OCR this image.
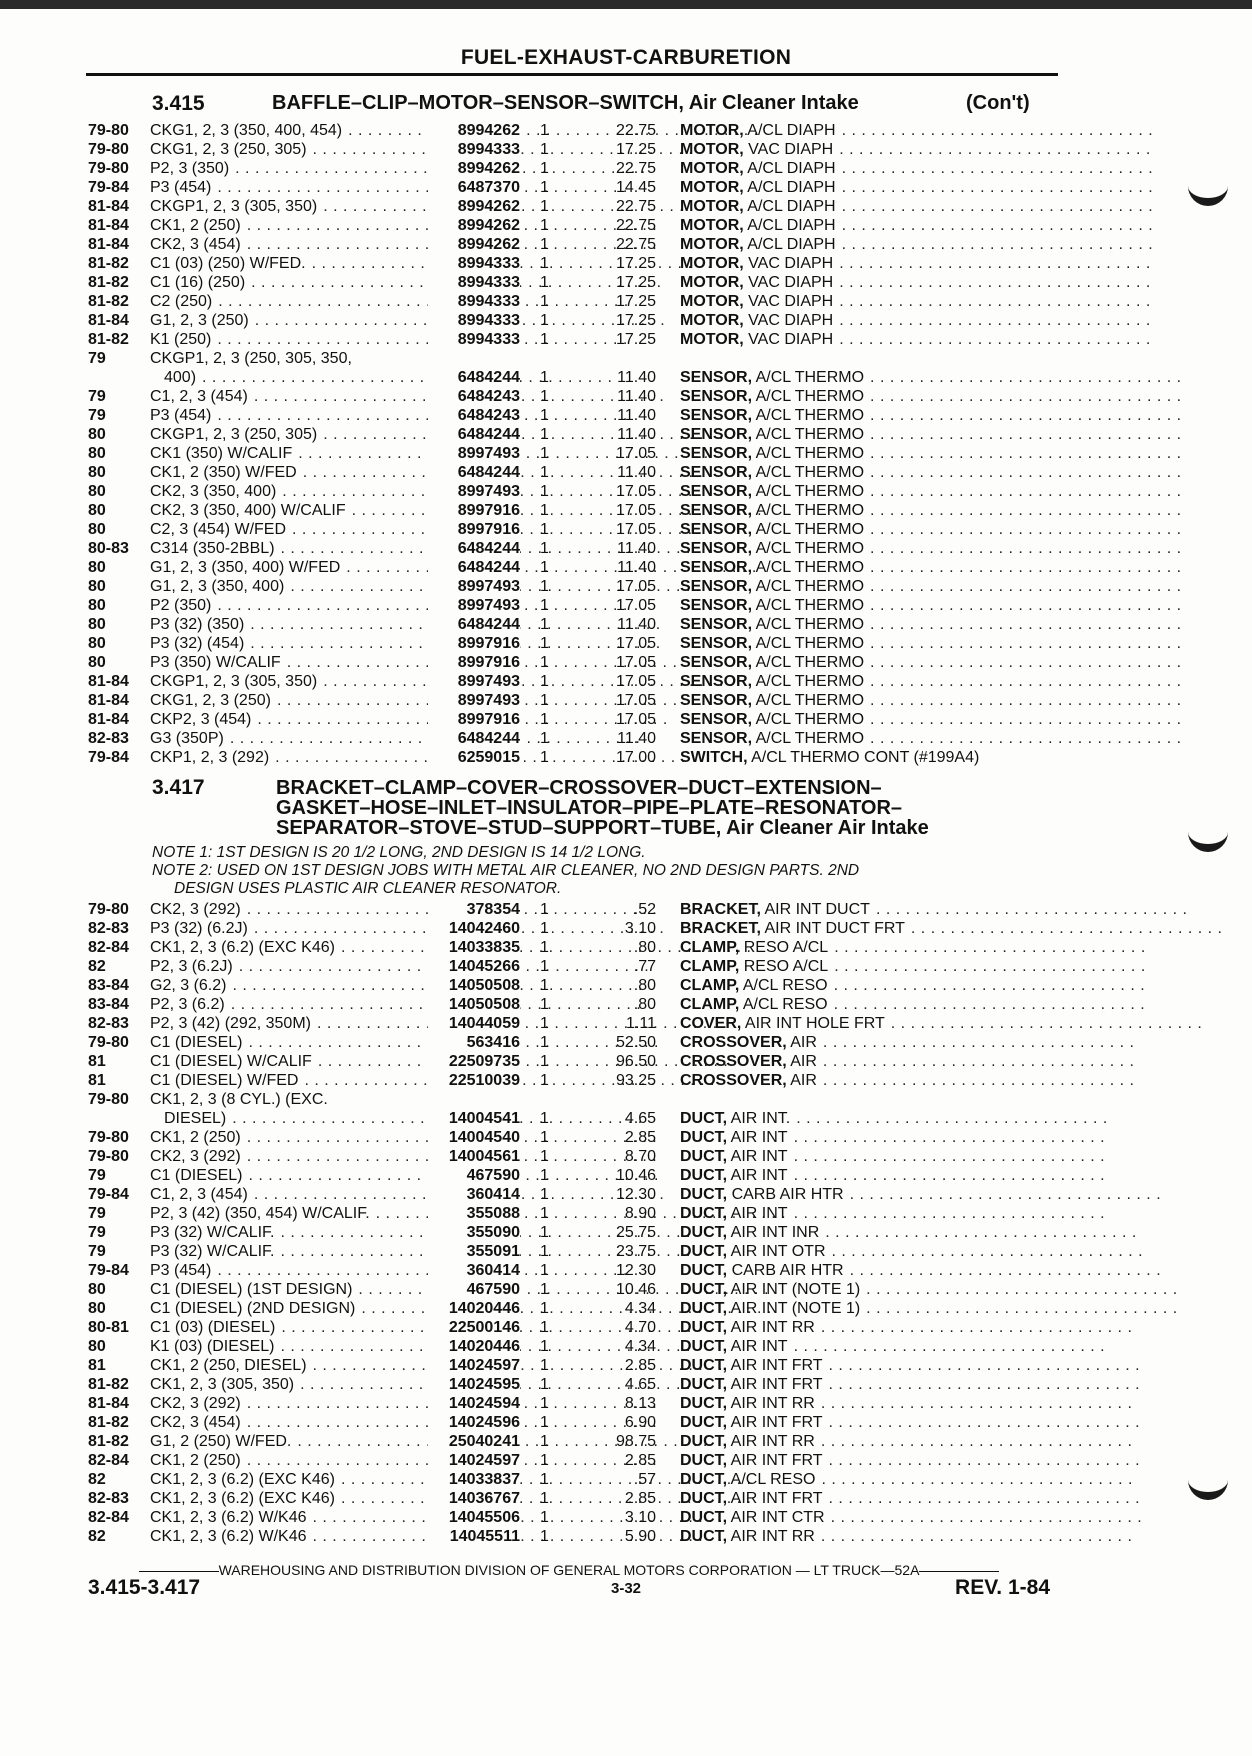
FUEL-EXHAUST-CARBURETION
3.415	BAFFLE–CLIP–MOTOR–SENSOR–SWITCH, Air Cleaner Intake	(Con't)
79-80	CKG1, 2, 3 (350, 400, 454) . . .	8994262 1	22.75 MOTOR, A/CL DIAPH . . . . . . . . . . . . . . . . . . . . . . . . . . . . . . . .
79-80	CKG1, 2, 3 (250, 305) . . .	8994333 1	17.25 MOTOR, VAC DIAPH . . . . . . . . . . . . . . . . . . . . . . . . . . . . . . . .
79-80	P2, 3 (350) . . .	8994262 1	22.75 MOTOR, A/CL DIAPH . . . . . . . . . . . . . . . . . . . . . . . . . . . . . . . .
79-84	P3 (454) . . .	6487370 1	14.45 MOTOR, A/CL DIAPH . . . . . . . . . . . . . . . . . . . . . . . . . . . . . . . .
81-84	CKGP1, 2, 3 (305, 350) . . .	8994262 1	22.75 MOTOR, A/CL DIAPH . . . . . . . . . . . . . . . . . . . . . . . . . . . . . . . .
81-84	CK1, 2 (250) . . .	8994262 1	22.75 MOTOR, A/CL DIAPH . . . . . . . . . . . . . . . . . . . . . . . . . . . . . . . .
81-84	CK2, 3 (454) . . .	8994262 1	22.75 MOTOR, A/CL DIAPH . . . . . . . . . . . . . . . . . . . . . . . . . . . . . . . .
81-82	C1 (03) (250) W/FED. . . .	8994333 1	17.25 MOTOR, VAC DIAPH . . . . . . . . . . . . . . . . . . . . . . . . . . . . . . . .
81-82	C1 (16) (250) . . .	8994333 1	17.25 MOTOR, VAC DIAPH . . . . . . . . . . . . . . . . . . . . . . . . . . . . . . . .
81-82	C2 (250) . . .	8994333 1	17.25 MOTOR, VAC DIAPH . . . . . . . . . . . . . . . . . . . . . . . . . . . . . . . .
81-84	G1, 2, 3 (250) . . .	8994333 1	17.25 MOTOR, VAC DIAPH . . . . . . . . . . . . . . . . . . . . . . . . . . . . . . . .
81-82	K1 (250) . . .	8994333 1	17.25 MOTOR, VAC DIAPH . . . . . . . . . . . . . . . . . . . . . . . . . . . . . . . .
79	CKGP1, 2, 3 (250, 305, 350,
400) . . .	6484244 1	11.40 SENSOR, A/CL THERMO . . . . . . . . . . . . . . . . . . . . . . . . . . . . . . . .
79	C1, 2, 3 (454) . . .	6484243 1	11.40 SENSOR, A/CL THERMO . . . . . . . . . . . . . . . . . . . . . . . . . . . . . . . .
79	P3 (454) . . .	6484243 1	11.40 SENSOR, A/CL THERMO . . . . . . . . . . . . . . . . . . . . . . . . . . . . . . . .
80	CKGP1, 2, 3 (250, 305) . . .	6484244 1	11.40 SENSOR, A/CL THERMO . . . . . . . . . . . . . . . . . . . . . . . . . . . . . . . .
80	CK1 (350) W/CALIF . . .	8997493 1	17.05 SENSOR, A/CL THERMO . . . . . . . . . . . . . . . . . . . . . . . . . . . . . . . .
80	CK1, 2 (350) W/FED . . .	6484244 1	11.40 SENSOR, A/CL THERMO . . . . . . . . . . . . . . . . . . . . . . . . . . . . . . . .
80	CK2, 3 (350, 400) . . .	8997493 1	17.05 SENSOR, A/CL THERMO . . . . . . . . . . . . . . . . . . . . . . . . . . . . . . . .
80	CK2, 3 (350, 400) W/CALIF . . .	8997916 1	17.05 SENSOR, A/CL THERMO . . . . . . . . . . . . . . . . . . . . . . . . . . . . . . . .
80	C2, 3 (454) W/FED . . .	8997916 1	17.05 SENSOR, A/CL THERMO . . . . . . . . . . . . . . . . . . . . . . . . . . . . . . . .
80-83	C314 (350-2BBL) . . .	6484244 1	11.40 SENSOR, A/CL THERMO . . . . . . . . . . . . . . . . . . . . . . . . . . . . . . . .
80	G1, 2, 3 (350, 400) W/FED . . .	6484244 1	11.40 SENSOR, A/CL THERMO . . . . . . . . . . . . . . . . . . . . . . . . . . . . . . . .
80	G1, 2, 3 (350, 400) . . .	8997493 1	17.05 SENSOR, A/CL THERMO . . . . . . . . . . . . . . . . . . . . . . . . . . . . . . . .
80	P2 (350) . . .	8997493 1	17.05 SENSOR, A/CL THERMO . . . . . . . . . . . . . . . . . . . . . . . . . . . . . . . .
80	P3 (32) (350) . . .	6484244 1	11.40 SENSOR, A/CL THERMO . . . . . . . . . . . . . . . . . . . . . . . . . . . . . . . .
80	P3 (32) (454) . . .	8997916 1	17.05 SENSOR, A/CL THERMO . . . . . . . . . . . . . . . . . . . . . . . . . . . . . . . .
80	P3 (350) W/CALIF . . .	8997916 1	17.05 SENSOR, A/CL THERMO . . . . . . . . . . . . . . . . . . . . . . . . . . . . . . . .
81-84	CKGP1, 2, 3 (305, 350) . . .	8997493 1	17.05 SENSOR, A/CL THERMO . . . . . . . . . . . . . . . . . . . . . . . . . . . . . . . .
81-84	CKG1, 2, 3 (250) . . .	8997493 1	17.05 SENSOR, A/CL THERMO . . . . . . . . . . . . . . . . . . . . . . . . . . . . . . . .
81-84	CKP2, 3 (454) . . .	8997916 1	17.05 SENSOR, A/CL THERMO . . . . . . . . . . . . . . . . . . . . . . . . . . . . . . . .
82-83	G3 (350P) . . .	6484244 1	11.40 SENSOR, A/CL THERMO . . . . . . . . . . . . . . . . . . . . . . . . . . . . . . . .
79-84	CKP1, 2, 3 (292) . . .	6259015 1	17.00 SWITCH, A/CL THERMO CONT (#199A4)
3.417	BRACKET–CLAMP–COVER–CROSSOVER–DUCT–EXTENSION–
GASKET–HOSE–INLET–INSULATOR–PIPE–PLATE–RESONATOR–
SEPARATOR–STOVE–STUD–SUPPORT–TUBE, Air Cleaner Air Intake
NOTE 1: 1ST DESIGN IS 20 1/2 LONG, 2ND DESIGN IS 14 1/2 LONG.
NOTE 2: USED ON 1ST DESIGN JOBS WITH METAL AIR CLEANER, NO 2ND DESIGN PARTS. 2ND
DESIGN USES PLASTIC AIR CLEANER RESONATOR.
79-80	CK2, 3 (292) . . .	378354 1	.52 BRACKET, AIR INT DUCT . . . . . . . . . . . . . . . . . . . . . . . . . . . . . . . .
82-83	P3 (32) (6.2J) . . .	14042460 1	3.10 BRACKET, AIR INT DUCT FRT . . . . . . . . . . . . . . . . . . . . . . . . . . . . . . . .
82-84	CK1, 2, 3 (6.2) (EXC K46) . . .	14033835 1	.80 CLAMP, RESO A/CL . . . . . . . . . . . . . . . . . . . . . . . . . . . . . . . .
82	P2, 3 (6.2J) . . .	14045266 1	.77 CLAMP, RESO A/CL . . . . . . . . . . . . . . . . . . . . . . . . . . . . . . . .
83-84	G2, 3 (6.2) . . .	14050508 1	.80 CLAMP, A/CL RESO . . . . . . . . . . . . . . . . . . . . . . . . . . . . . . . .
83-84	P2, 3 (6.2) . . .	14050508 1	.80 CLAMP, A/CL RESO . . . . . . . . . . . . . . . . . . . . . . . . . . . . . . . .
82-83	P2, 3 (42) (292, 350M) . . .	14044059 1	1.11 COVER, AIR INT HOLE FRT . . . . . . . . . . . . . . . . . . . . . . . . . . . . . . . .
79-80	C1 (DIESEL) . . .	563416 1	52.50 CROSSOVER, AIR . . . . . . . . . . . . . . . . . . . . . . . . . . . . . . . .
81	C1 (DIESEL) W/CALIF . . .	22509735 1	96.50 CROSSOVER, AIR . . . . . . . . . . . . . . . . . . . . . . . . . . . . . . . .
81	C1 (DIESEL) W/FED . . .	22510039 1	93.25 CROSSOVER, AIR . . . . . . . . . . . . . . . . . . . . . . . . . . . . . . . .
79-80	CK1, 2, 3 (8 CYL.) (EXC.
DIESEL) . . .	14004541 1	4.65 DUCT, AIR INT. . . . . . . . . . . . . . . . . . . . . . . . . . . . . . . . .
79-80	CK1, 2 (250) . . .	14004540 1	2.85 DUCT, AIR INT . . . . . . . . . . . . . . . . . . . . . . . . . . . . . . . .
79-80	CK2, 3 (292) . . .	14004561 1	8.70 DUCT, AIR INT . . . . . . . . . . . . . . . . . . . . . . . . . . . . . . . .
79	C1 (DIESEL) . . .	467590 1	10.46 DUCT, AIR INT . . . . . . . . . . . . . . . . . . . . . . . . . . . . . . . .
79-84	C1, 2, 3 (454) . . .	360414 1	12.30 DUCT, CARB AIR HTR . . . . . . . . . . . . . . . . . . . . . . . . . . . . . . . .
79	P2, 3 (42) (350, 454) W/CALIF. . . .	355088 1	8.90 DUCT, AIR INT . . . . . . . . . . . . . . . . . . . . . . . . . . . . . . . .
79	P3 (32) W/CALIF. . . .	355090 1	25.75 DUCT, AIR INT INR . . . . . . . . . . . . . . . . . . . . . . . . . . . . . . . .
79	P3 (32) W/CALIF. . . .	355091 1	23.75 DUCT, AIR INT OTR . . . . . . . . . . . . . . . . . . . . . . . . . . . . . . . .
79-84	P3 (454) . . .	360414 1	12.30 DUCT, CARB AIR HTR . . . . . . . . . . . . . . . . . . . . . . . . . . . . . . . .
80	C1 (DIESEL) (1ST DESIGN) . . .	467590 1	10.46 DUCT, AIR INT (NOTE 1) . . . . . . . . . . . . . . . . . . . . . . . . . . . . . . . .
80	C1 (DIESEL) (2ND DESIGN) . . .	14020446 1	4.34 DUCT, AIR INT (NOTE 1) . . . . . . . . . . . . . . . . . . . . . . . . . . . . . . . .
80-81	C1 (03) (DIESEL) . . .	22500146 1	4.70 DUCT, AIR INT RR . . . . . . . . . . . . . . . . . . . . . . . . . . . . . . . .
80	K1 (03) (DIESEL) . . .	14020446 1	4.34 DUCT, AIR INT . . . . . . . . . . . . . . . . . . . . . . . . . . . . . . . .
81	CK1, 2 (250, DIESEL) . . .	14024597 1	2.85 DUCT, AIR INT FRT . . . . . . . . . . . . . . . . . . . . . . . . . . . . . . . .
81-82	CK1, 2, 3 (305, 350) . . .	14024595 1	4.65 DUCT, AIR INT FRT . . . . . . . . . . . . . . . . . . . . . . . . . . . . . . . .
81-84	CK2, 3 (292) . . .	14024594 1	8.13 DUCT, AIR INT RR . . . . . . . . . . . . . . . . . . . . . . . . . . . . . . . .
81-82	CK2, 3 (454) . . .	14024596 1	6.90 DUCT, AIR INT FRT . . . . . . . . . . . . . . . . . . . . . . . . . . . . . . . .
81-82	G1, 2 (250) W/FED. . . .	25040241 1	98.75 DUCT, AIR INT RR . . . . . . . . . . . . . . . . . . . . . . . . . . . . . . . .
82-84	CK1, 2 (250) . . .	14024597 1	2.85 DUCT, AIR INT FRT . . . . . . . . . . . . . . . . . . . . . . . . . . . . . . . .
82	CK1, 2, 3 (6.2) (EXC K46) . . .	14033837 1	.57 DUCT, A/CL RESO . . . . . . . . . . . . . . . . . . . . . . . . . . . . . . . .
82-83	CK1, 2, 3 (6.2) (EXC K46) . . .	14036767 1	2.85 DUCT, AIR INT FRT . . . . . . . . . . . . . . . . . . . . . . . . . . . . . . . .
82-84	CK1, 2, 3 (6.2) W/K46 . . .	14045506 1	3.10 DUCT, AIR INT CTR . . . . . . . . . . . . . . . . . . . . . . . . . . . . . . . .
82	CK1, 2, 3 (6.2) W/K46 . . .	14045511 1	5.90 DUCT, AIR INT RR . . . . . . . . . . . . . . . . . . . . . . . . . . . . . . . .
WAREHOUSING AND DISTRIBUTION DIVISION OF GENERAL MOTORS CORPORATION — LT TRUCK—52A
3.415-3.417	3-32	REV. 1-84
